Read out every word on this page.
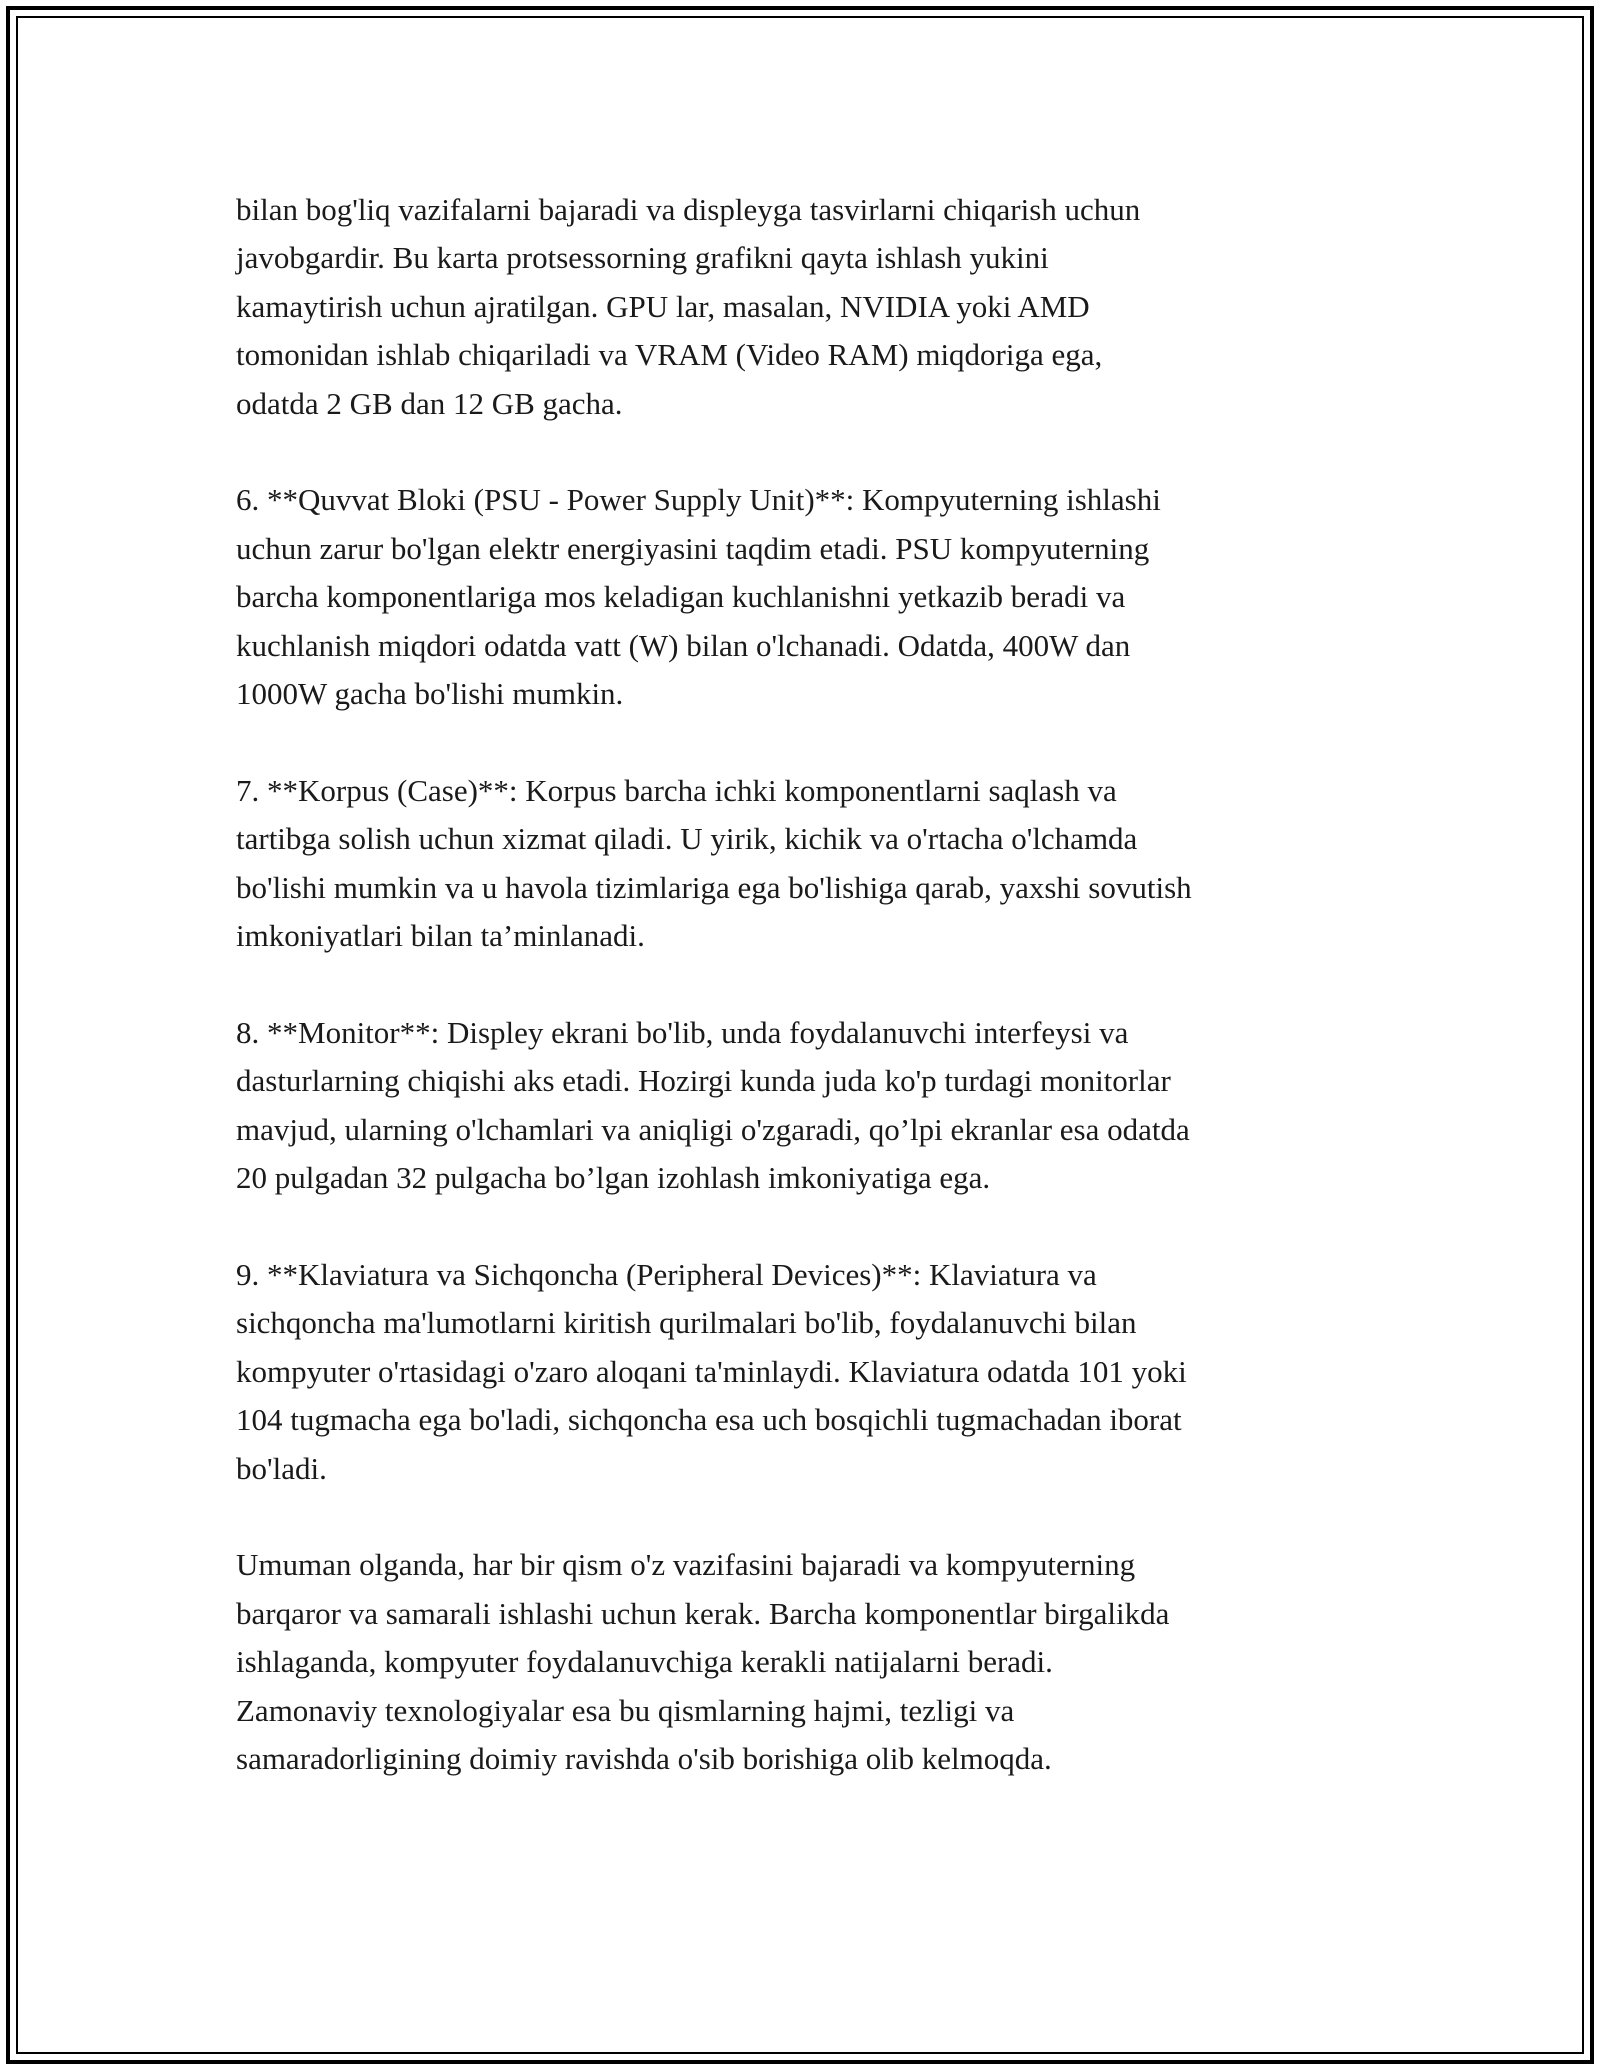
bilan bog'liq vazifalarni bajaradi va displeyga tasvirlarni chiqarish uchun
javobgardir. Bu karta protsessorning grafikni qayta ishlash yukini
kamaytirish uchun ajratilgan. GPU lar, masalan, NVIDIA yoki AMD
tomonidan ishlab chiqariladi va VRAM (Video RAM) miqdoriga ega,
odatda 2 GB dan 12 GB gacha.

6. **Quvvat Bloki (PSU - Power Supply Unit)**: Kompyuterning ishlashi
uchun zarur bo'lgan elektr energiyasini taqdim etadi. PSU kompyuterning
barcha komponentlariga mos keladigan kuchlanishni yetkazib beradi va
kuchlanish miqdori odatda vatt (W) bilan o'lchanadi. Odatda, 400W dan
1000W gacha bo'lishi mumkin.

7. **Korpus (Case)**: Korpus barcha ichki komponentlarni saqlash va
tartibga solish uchun xizmat qiladi. U yirik, kichik va o'rtacha o'lchamda
bo'lishi mumkin va u havola tizimlariga ega bo'lishiga qarab, yaxshi sovutish
imkoniyatlari bilan ta’minlanadi.

8. **Monitor**: Displey ekrani bo'lib, unda foydalanuvchi interfeysi va
dasturlarning chiqishi aks etadi. Hozirgi kunda juda ko'p turdagi monitorlar
mavjud, ularning o'lchamlari va aniqligi o'zgaradi, qo’lpi ekranlar esa odatda
20 pulgadan 32 pulgacha bo’lgan izohlash imkoniyatiga ega.

9. **Klaviatura va Sichqoncha (Peripheral Devices)**: Klaviatura va
sichqoncha ma'lumotlarni kiritish qurilmalari bo'lib, foydalanuvchi bilan
kompyuter o'rtasidagi o'zaro aloqani ta'minlaydi. Klaviatura odatda 101 yoki
104 tugmacha ega bo'ladi, sichqoncha esa uch bosqichli tugmachadan iborat
bo'ladi.

Umuman olganda, har bir qism o'z vazifasini bajaradi va kompyuterning
barqaror va samarali ishlashi uchun kerak. Barcha komponentlar birgalikda
ishlaganda, kompyuter foydalanuvchiga kerakli natijalarni beradi.
Zamonaviy texnologiyalar esa bu qismlarning hajmi, tezligi va
samaradorligining doimiy ravishda o'sib borishiga olib kelmoqda.
